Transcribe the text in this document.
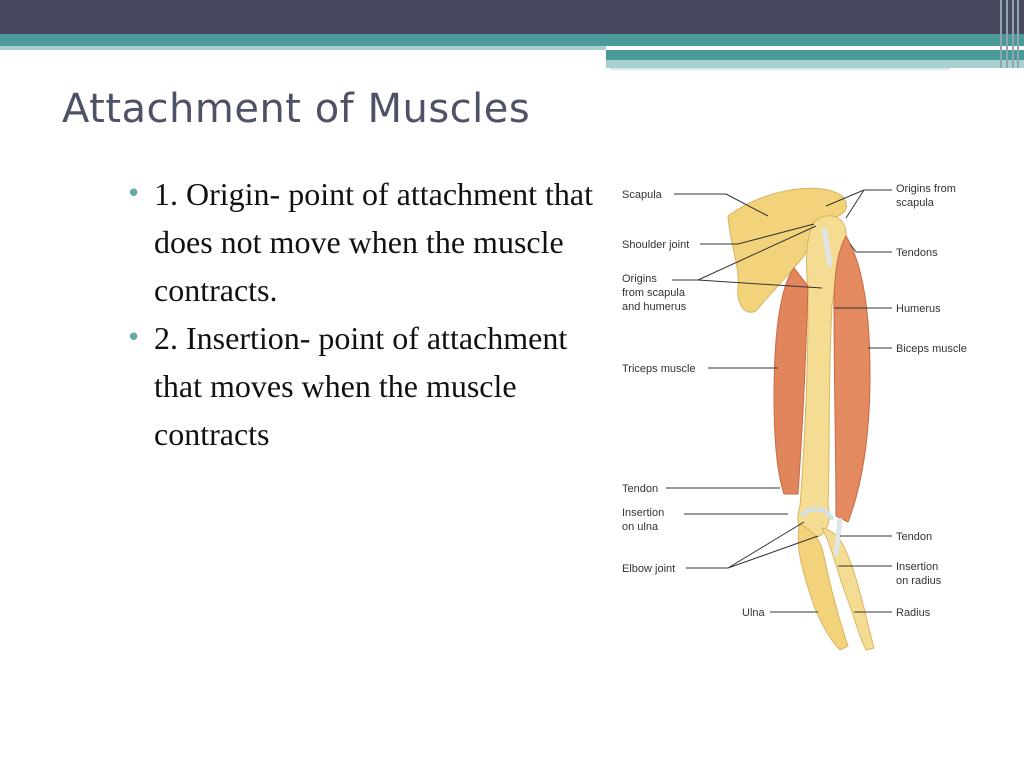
Attachment of Muscles
• 1. Origin- point of attachment that does not move when the muscle contracts.
• 2. Insertion- point of attachment that moves when the muscle contracts
Scapula
Shoulder joint
Origins
from scapula
and humerus
Triceps muscle
Tendon
Insertion
on ulna
Elbow joint
Ulna
Origins from
scapula
Tendons
Humerus
Biceps muscle
Tendon
Insertion
on radius
Radius
